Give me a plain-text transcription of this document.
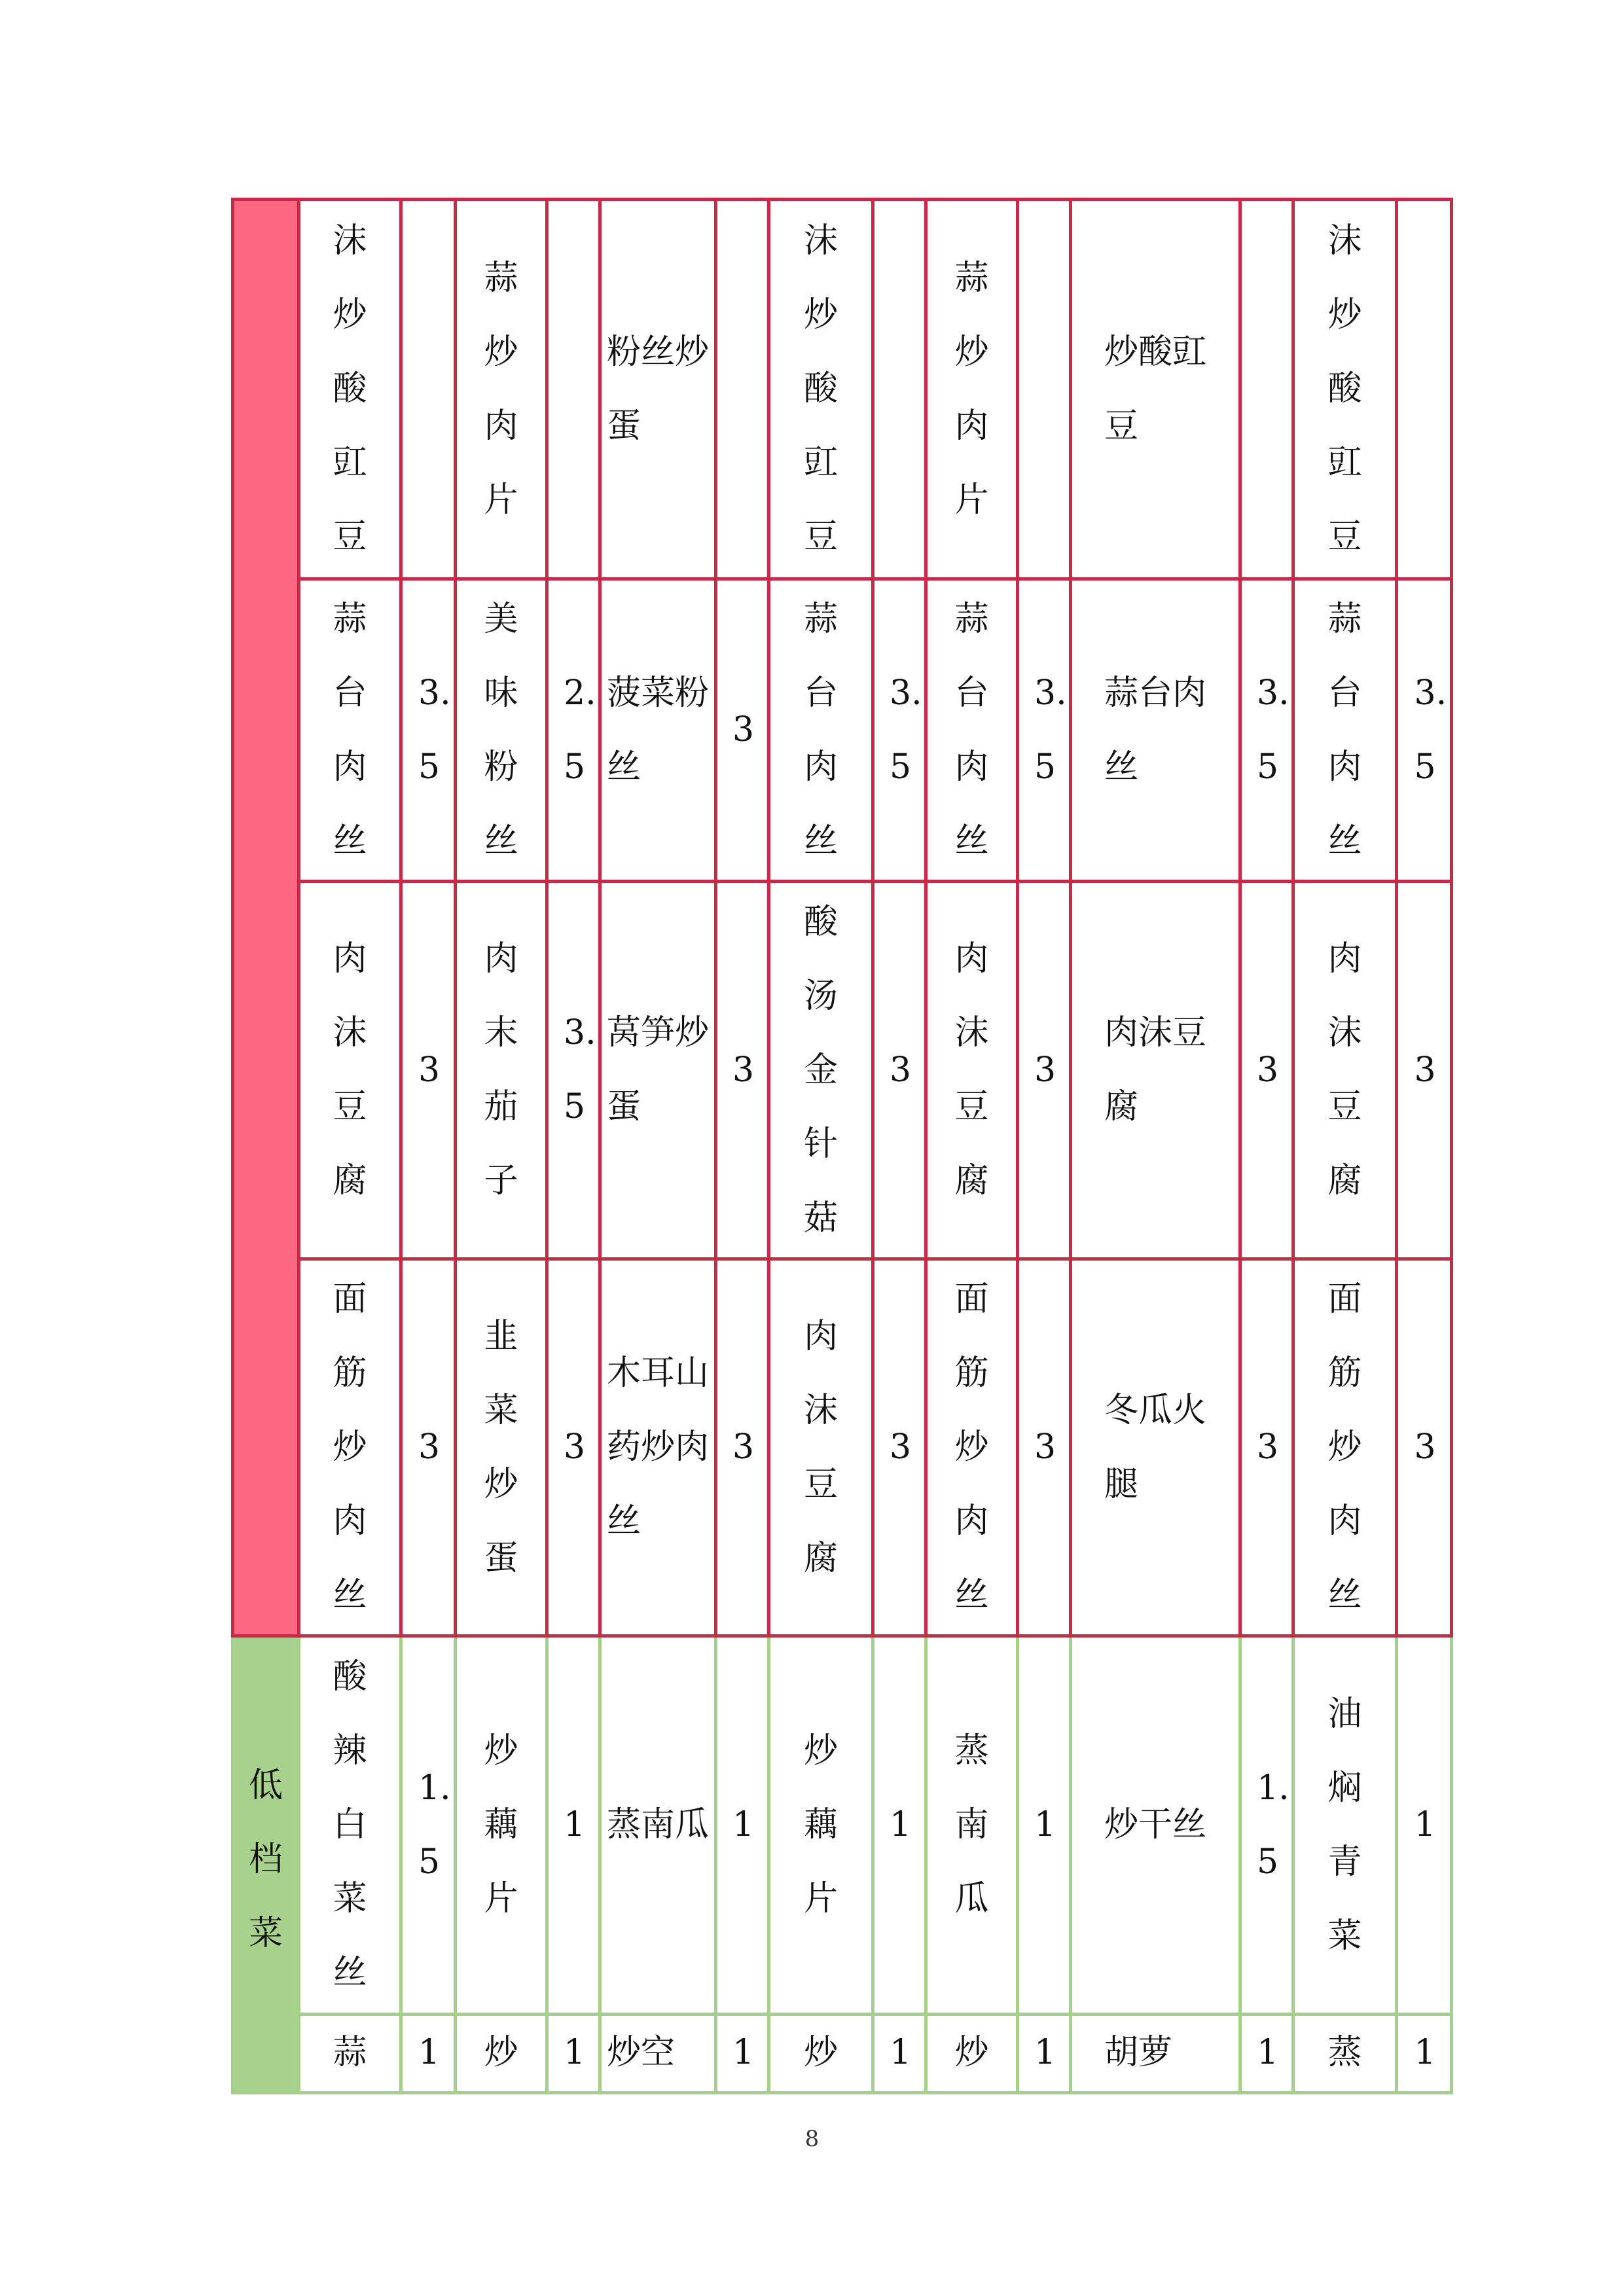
	沫炒酸豇豆		蒜炒肉片		粉丝炒蛋		沫炒酸豇豆		蒜炒肉片		炒酸豇豆		沫炒酸豇豆	
	蒜台肉丝	3.5	美味粉丝	2.5	菠菜粉丝	3	蒜台肉丝	3.5	蒜台肉丝	3.5	蒜台肉丝	3.5	蒜台肉丝	3.5
	肉沫豆腐	3	肉末茄子	3.5	莴笋炒蛋	3	酸汤金针菇	3	肉沫豆腐	3	肉沫豆腐	3	肉沫豆腐	3
	面筋炒肉丝	3	韭菜炒蛋	3	木耳山药炒肉丝	3	肉沫豆腐	3	面筋炒肉丝	3	冬瓜火腿	3	面筋炒肉丝	3
低档菜	酸辣白菜丝	1.5	炒藕片	1	蒸南瓜	1	炒藕片	1	蒸南瓜	1	炒干丝	1.5	油焖青菜	1
	蒜	1	炒	1	炒空	1	炒	1	炒	1	胡萝	1	蒸	1
8
